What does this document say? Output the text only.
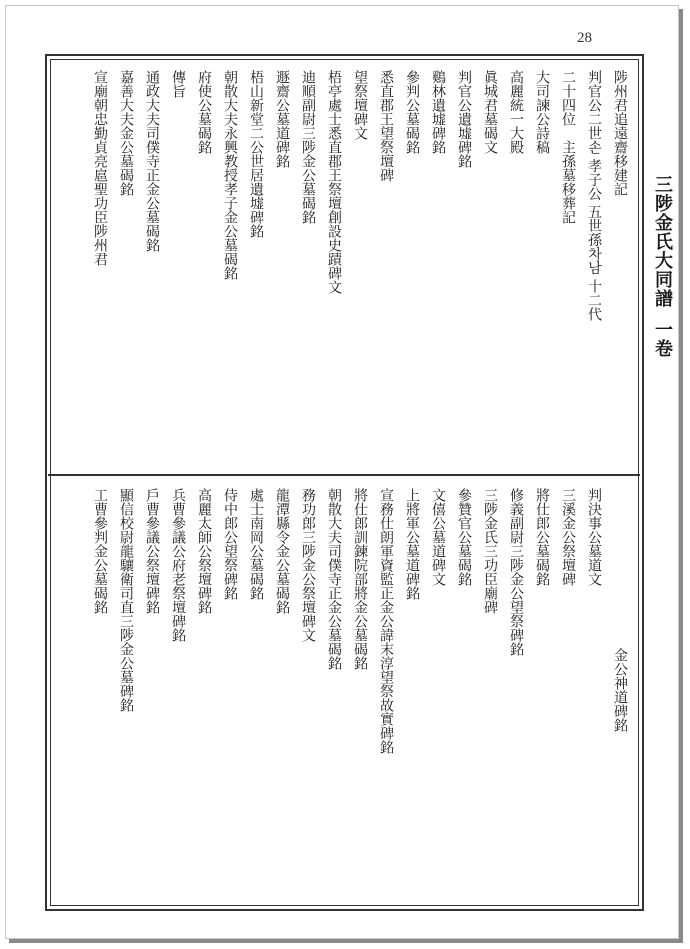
28
三陟金氏大同譜
一卷
陟州君追遠齋移建記
判官公二世손 孝子公 五世孫차남 十二代
二十四位　主孫墓移葬記
大司諫公詩稿
高麗統一大殿
眞城君墓碣文
判官公遺墟碑銘
鷄林遺墟碑銘
參判公墓碣銘
悉直郡王望祭壇碑
望祭壇碑文
梧亭處士悉直郡王祭壇創設史蹟碑文
迪順副尉三陟金公墓碣銘
遯齋公墓道碑銘
梧山新堂二公世居遺墟碑銘
朝散大夫永興教授孝子金公墓碣銘
府使公墓碣銘
傳旨
通政大夫司僕寺正金公墓碣銘
嘉善大夫金公墓碣銘
宣廟朝忠勤貞亮扈聖功臣陟州君
金公神道碑銘
判決事公墓道文
三溪金公祭壇碑
將仕郎公墓碣銘
修義副尉三陟金公望祭碑銘
三陟金氏三功臣廟碑
參贊官公墓碣銘
文僖公墓道碑文
上將軍公墓道碑銘
宣務仕朗軍資監正金公諱末淳望祭故實碑銘
將仕郎訓鍊院部將金公墓碣銘
朝散大夫司僕寺正金公墓碣銘
務功郎三陟金公祭壇碑文
龍潭縣令金公墓碣銘
處士南岡公墓碣銘
侍中郎公望祭碑銘
高麗太師公祭壇碑銘
兵曹參議公府老祭壇碑銘
戶曹參議公祭壇碑銘
顯信校尉龍驤衛司直三陟金公墓碑銘
工曹參判金公墓碣銘
